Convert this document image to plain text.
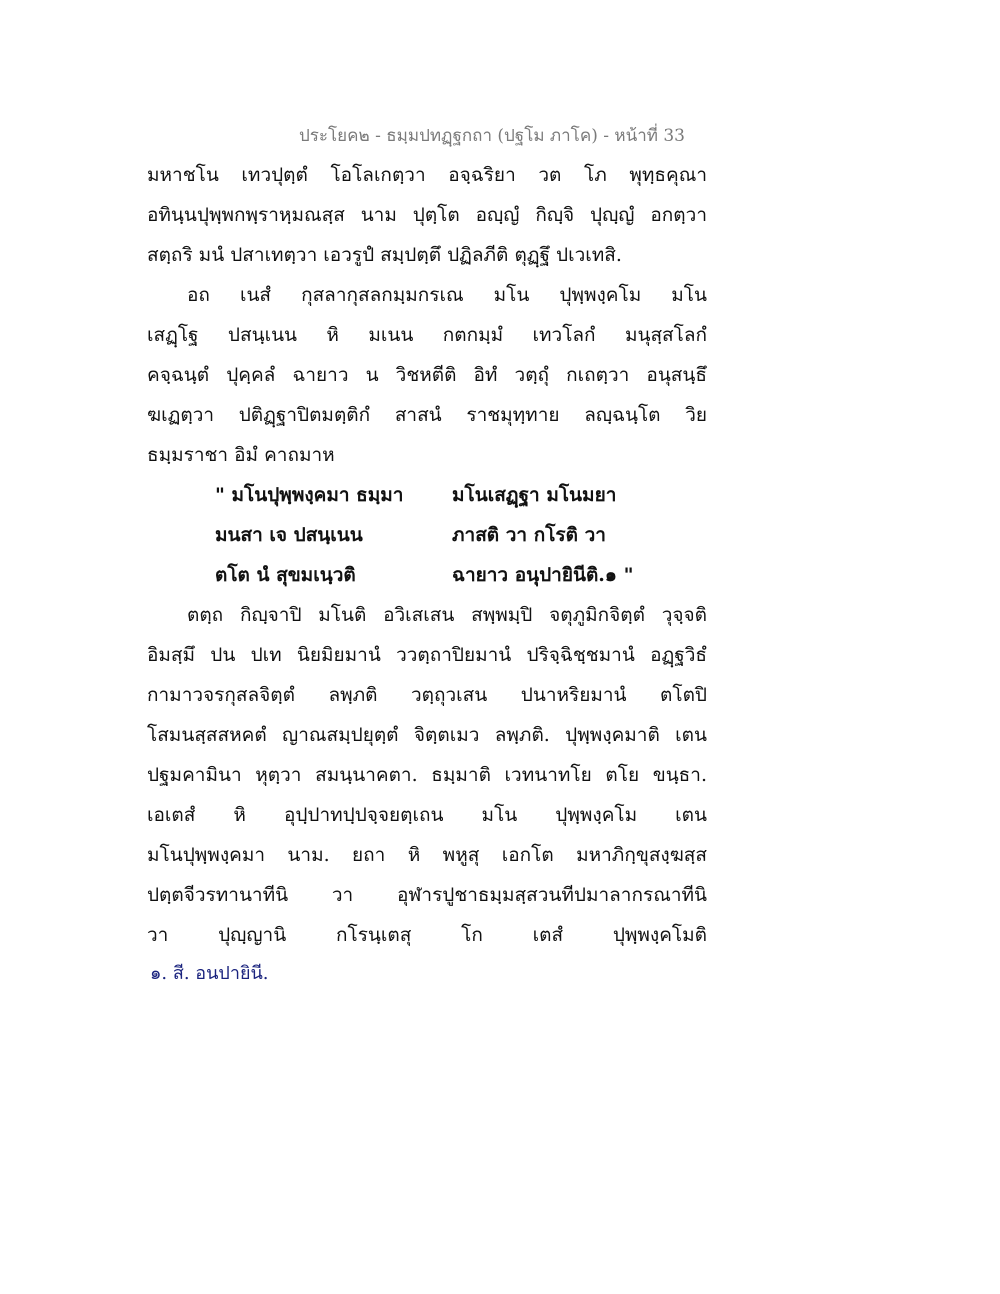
ประโยค๒ - ธมฺมปทฏฺฐกถา (ปฐโม ภาโค) - หน้าที่ 33
มหาชโน เทวปุตฺตํ โอโลเกตฺวา อจฺฉริยา วต โภ พุทฺธคุณา
อทินฺนปุพฺพกพฺราหฺมณสฺส นาม ปุตฺโต อญฺญํ กิญฺจิ ปุญฺญํ อกตฺวา
สตฺถริ มนํ ปสาเทตฺวา เอวรูปํ สมฺปตฺตึ ปฏิลภีติ ตุฏฺฐึ ปเวเทสิ.
อถ เนสํ กุสลากุสลกมฺมกรเณ มโน ปุพฺพงฺคโม มโน
เสฏฺโฐ ปสนฺเนน หิ มเนน กตกมฺมํ เทวโลกํ มนุสฺสโลกํ
คจฺฉนฺตํ ปุคฺคลํ ฉายาว น วิชหตีติ อิทํ วตฺถุํ กเถตฺวา อนุสนฺธึ
ฆเฏตฺวา ปติฏฺฐาปิตมตฺติกํ สาสนํ ราชมุทฺทาย ลญฺฉนฺโต วิย
ธมฺมราชา อิมํ คาถมาห
" มโนปุพฺพงฺคมา ธมฺมา	มโนเสฏฺฐา มโนมยา
มนสา เจ ปสนฺเนน	ภาสติ วา กโรติ วา
ตโต นํ สุขมเนฺวติ	ฉายาว อนุปายินีติ.๑ "
ตตฺถ กิญฺจาปิ มโนติ อวิเสเสน สพฺพมฺปิ จตุภูมิกจิตฺตํ วุจฺจติ
อิมสฺมึ ปน ปเท นิยมิยมานํ ววตฺถาปิยมานํ ปริจฺฉิชฺชมานํ อฏฺฐวิธํ
กามาวจรกุสลจิตฺตํ ลพฺภติ วตฺถุวเสน ปนาหริยมานํ ตโตปิ
โสมนสฺสสหคตํ ญาณสมฺปยุตฺตํ จิตฺตเมว ลพฺภติ. ปุพฺพงฺคมาติ เตน
ปฐมคามินา หุตฺวา สมนฺนาคตา. ธมฺมาติ เวทนาทโย ตโย ขนฺธา.
เอเตสํ หิ อุปฺปาทปฺปจฺจยตฺเถน มโน ปุพฺพงฺคโม เตน
มโนปุพฺพงฺคมา นาม. ยถา หิ พหูสุ เอกโต มหาภิกฺขุสงฺฆสฺส
ปตฺตจีวรทานาทีนิ วา อุฬารปูชาธมฺมสฺสวนทีปมาลากรณาทีนิ
วา ปุญฺญานิ กโรนฺเตสุ โก เตสํ ปุพฺพงฺคโมติ
๑. สี. อนปายินี.
